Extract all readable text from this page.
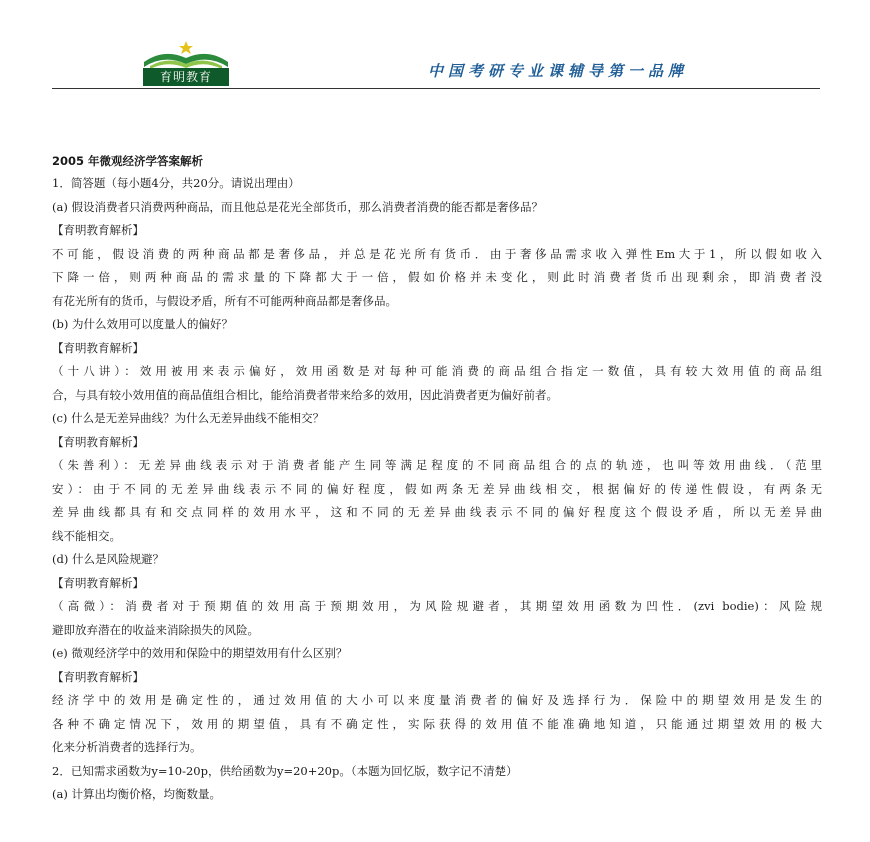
育明教育	中国考研专业课辅导第一品牌

2005 年微观经济学答案解析

1．简答题（每小题4分，共20分。请说出理由）

(a) 假设消费者只消费两种商品，而且他总是花光全部货币，那么消费者消费的能否都是奢侈品？

【育明教育解析】

不可能，假设消费的两种商品都是奢侈品，并总是花光所有货币．由于奢侈品需求收入弹性Em大于1，所以假如收入

下降一倍，则两种商品的需求量的下降都大于一倍，假如价格并未变化，则此时消费者货币出现剩余，即消费者没

有花光所有的货币，与假设矛盾，所有不可能两种商品都是奢侈品。

(b) 为什么效用可以度量人的偏好？

【育明教育解析】

（十八讲）：效用被用来表示偏好，效用函数是对每种可能消费的商品组合指定一数值，具有较大效用值的商品组

合，与具有较小效用值的商品值组合相比，能给消费者带来给多的效用，因此消费者更为偏好前者。

(c) 什么是无差异曲线？为什么无差异曲线不能相交？

【育明教育解析】

（朱善利）：无差异曲线表示对于消费者能产生同等满足程度的不同商品组合的点的轨迹，也叫等效用曲线．（范里

安）：由于不同的无差异曲线表示不同的偏好程度，假如两条无差异曲线相交，根据偏好的传递性假设，有两条无

差异曲线都具有和交点同样的效用水平，这和不同的无差异曲线表示不同的偏好程度这个假设矛盾，所以无差异曲

线不能相交。

(d) 什么是风险规避？

【育明教育解析】

（高微）：消费者对于预期值的效用高于预期效用，为风险规避者，其期望效用函数为凹性．(zvi bodie)：风险规

避即放弃潜在的收益来消除损失的风险。

(e) 微观经济学中的效用和保险中的期望效用有什么区别？

【育明教育解析】

经济学中的效用是确定性的，通过效用值的大小可以来度量消费者的偏好及选择行为．保险中的期望效用是发生的

各种不确定情况下，效用的期望值，具有不确定性，实际获得的效用值不能准确地知道，只能通过期望效用的极大

化来分析消费者的选择行为。

2．已知需求函数为y=10-20p，供给函数为y=20+20p。（本题为回忆版，数字记不清楚）

(a) 计算出均衡价格，均衡数量。
